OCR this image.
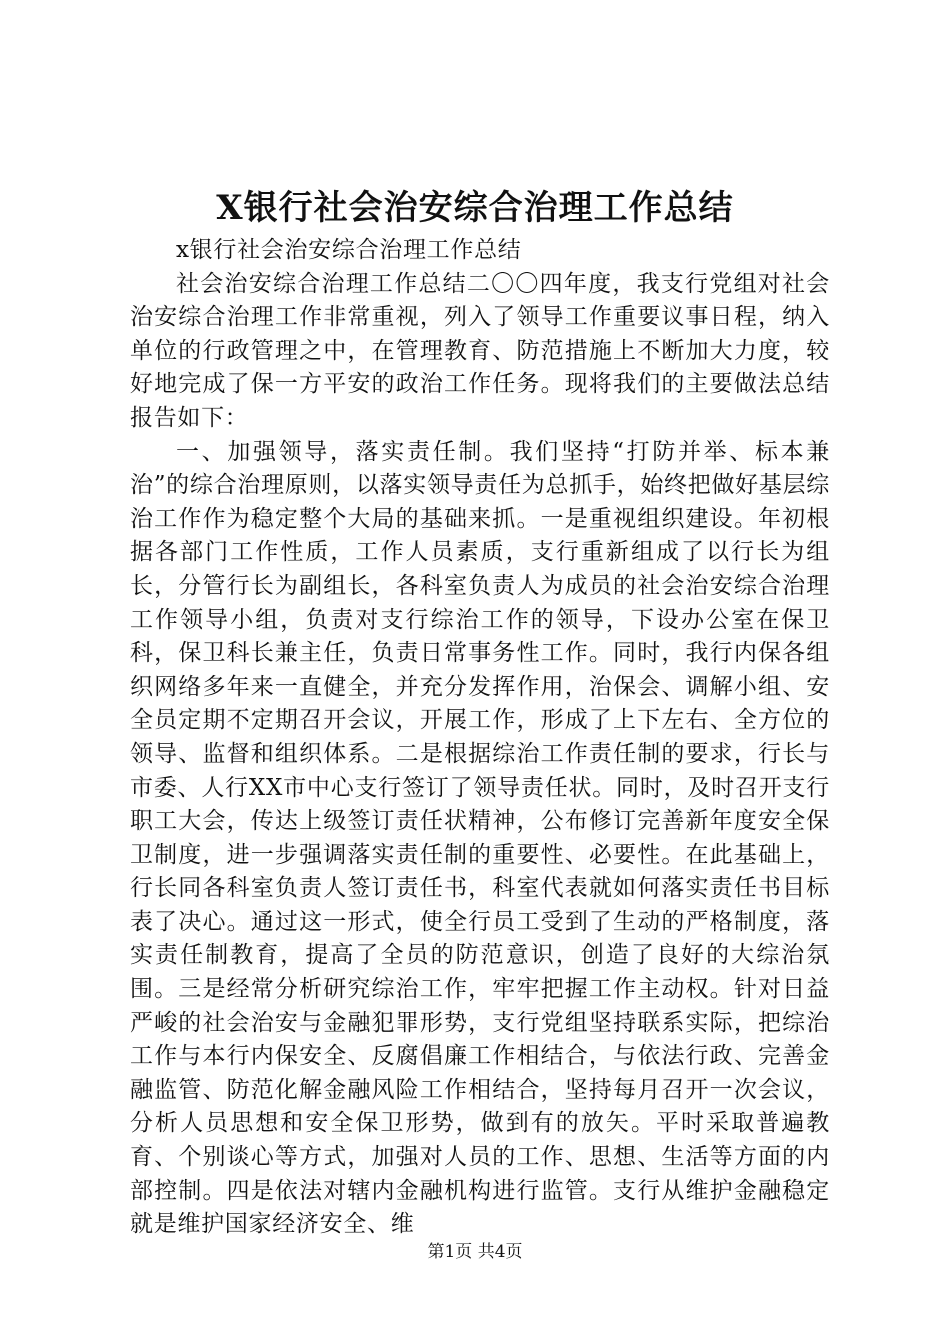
X银行社会治安综合治理工作总结

x银行社会治安综合治理工作总结

社会治安综合治理工作总结二〇〇四年度，我支行党组对社会治安综合治理工作非常重视，列入了领导工作重要议事日程，纳入单位的行政管理之中，在管理教育、防范措施上不断加大力度，较好地完成了保一方平安的政治工作任务。现将我们的主要做法总结报告如下：

一、加强领导，落实责任制。我们坚持“打防并举、标本兼治”的综合治理原则，以落实领导责任为总抓手，始终把做好基层综治工作作为稳定整个大局的基础来抓。一是重视组织建设。年初根据各部门工作性质，工作人员素质，支行重新组成了以行长为组长，分管行长为副组长，各科室负责人为成员的社会治安综合治理工作领导小组，负责对支行综治工作的领导，下设办公室在保卫科，保卫科长兼主任，负责日常事务性工作。同时，我行内保各组织网络多年来一直健全，并充分发挥作用，治保会、调解小组、安全员定期不定期召开会议，开展工作，形成了上下左右、全方位的领导、监督和组织体系。二是根据综治工作责任制的要求，行长与市委、人行XX市中心支行签订了领导责任状。同时，及时召开支行职工大会，传达上级签订责任状精神，公布修订完善新年度安全保卫制度，进一步强调落实责任制的重要性、必要性。在此基础上，行长同各科室负责人签订责任书，科室代表就如何落实责任书目标表了决心。通过这一形式，使全行员工受到了生动的严格制度，落实责任制教育，提高了全员的防范意识，创造了良好的大综治氛围。三是经常分析研究综治工作，牢牢把握工作主动权。针对日益严峻的社会治安与金融犯罪形势，支行党组坚持联系实际，把综治工作与本行内保安全、反腐倡廉工作相结合，与依法行政、完善金融监管、防范化解金融风险工作相结合，坚持每月召开一次会议，分析人员思想和安全保卫形势，做到有的放矢。平时采取普遍教育、个别谈心等方式，加强对人员的工作、思想、生活等方面的内部控制。四是依法对辖内金融机构进行监管。支行从维护金融稳定就是维护国家经济安全、维

第1页 共4页
